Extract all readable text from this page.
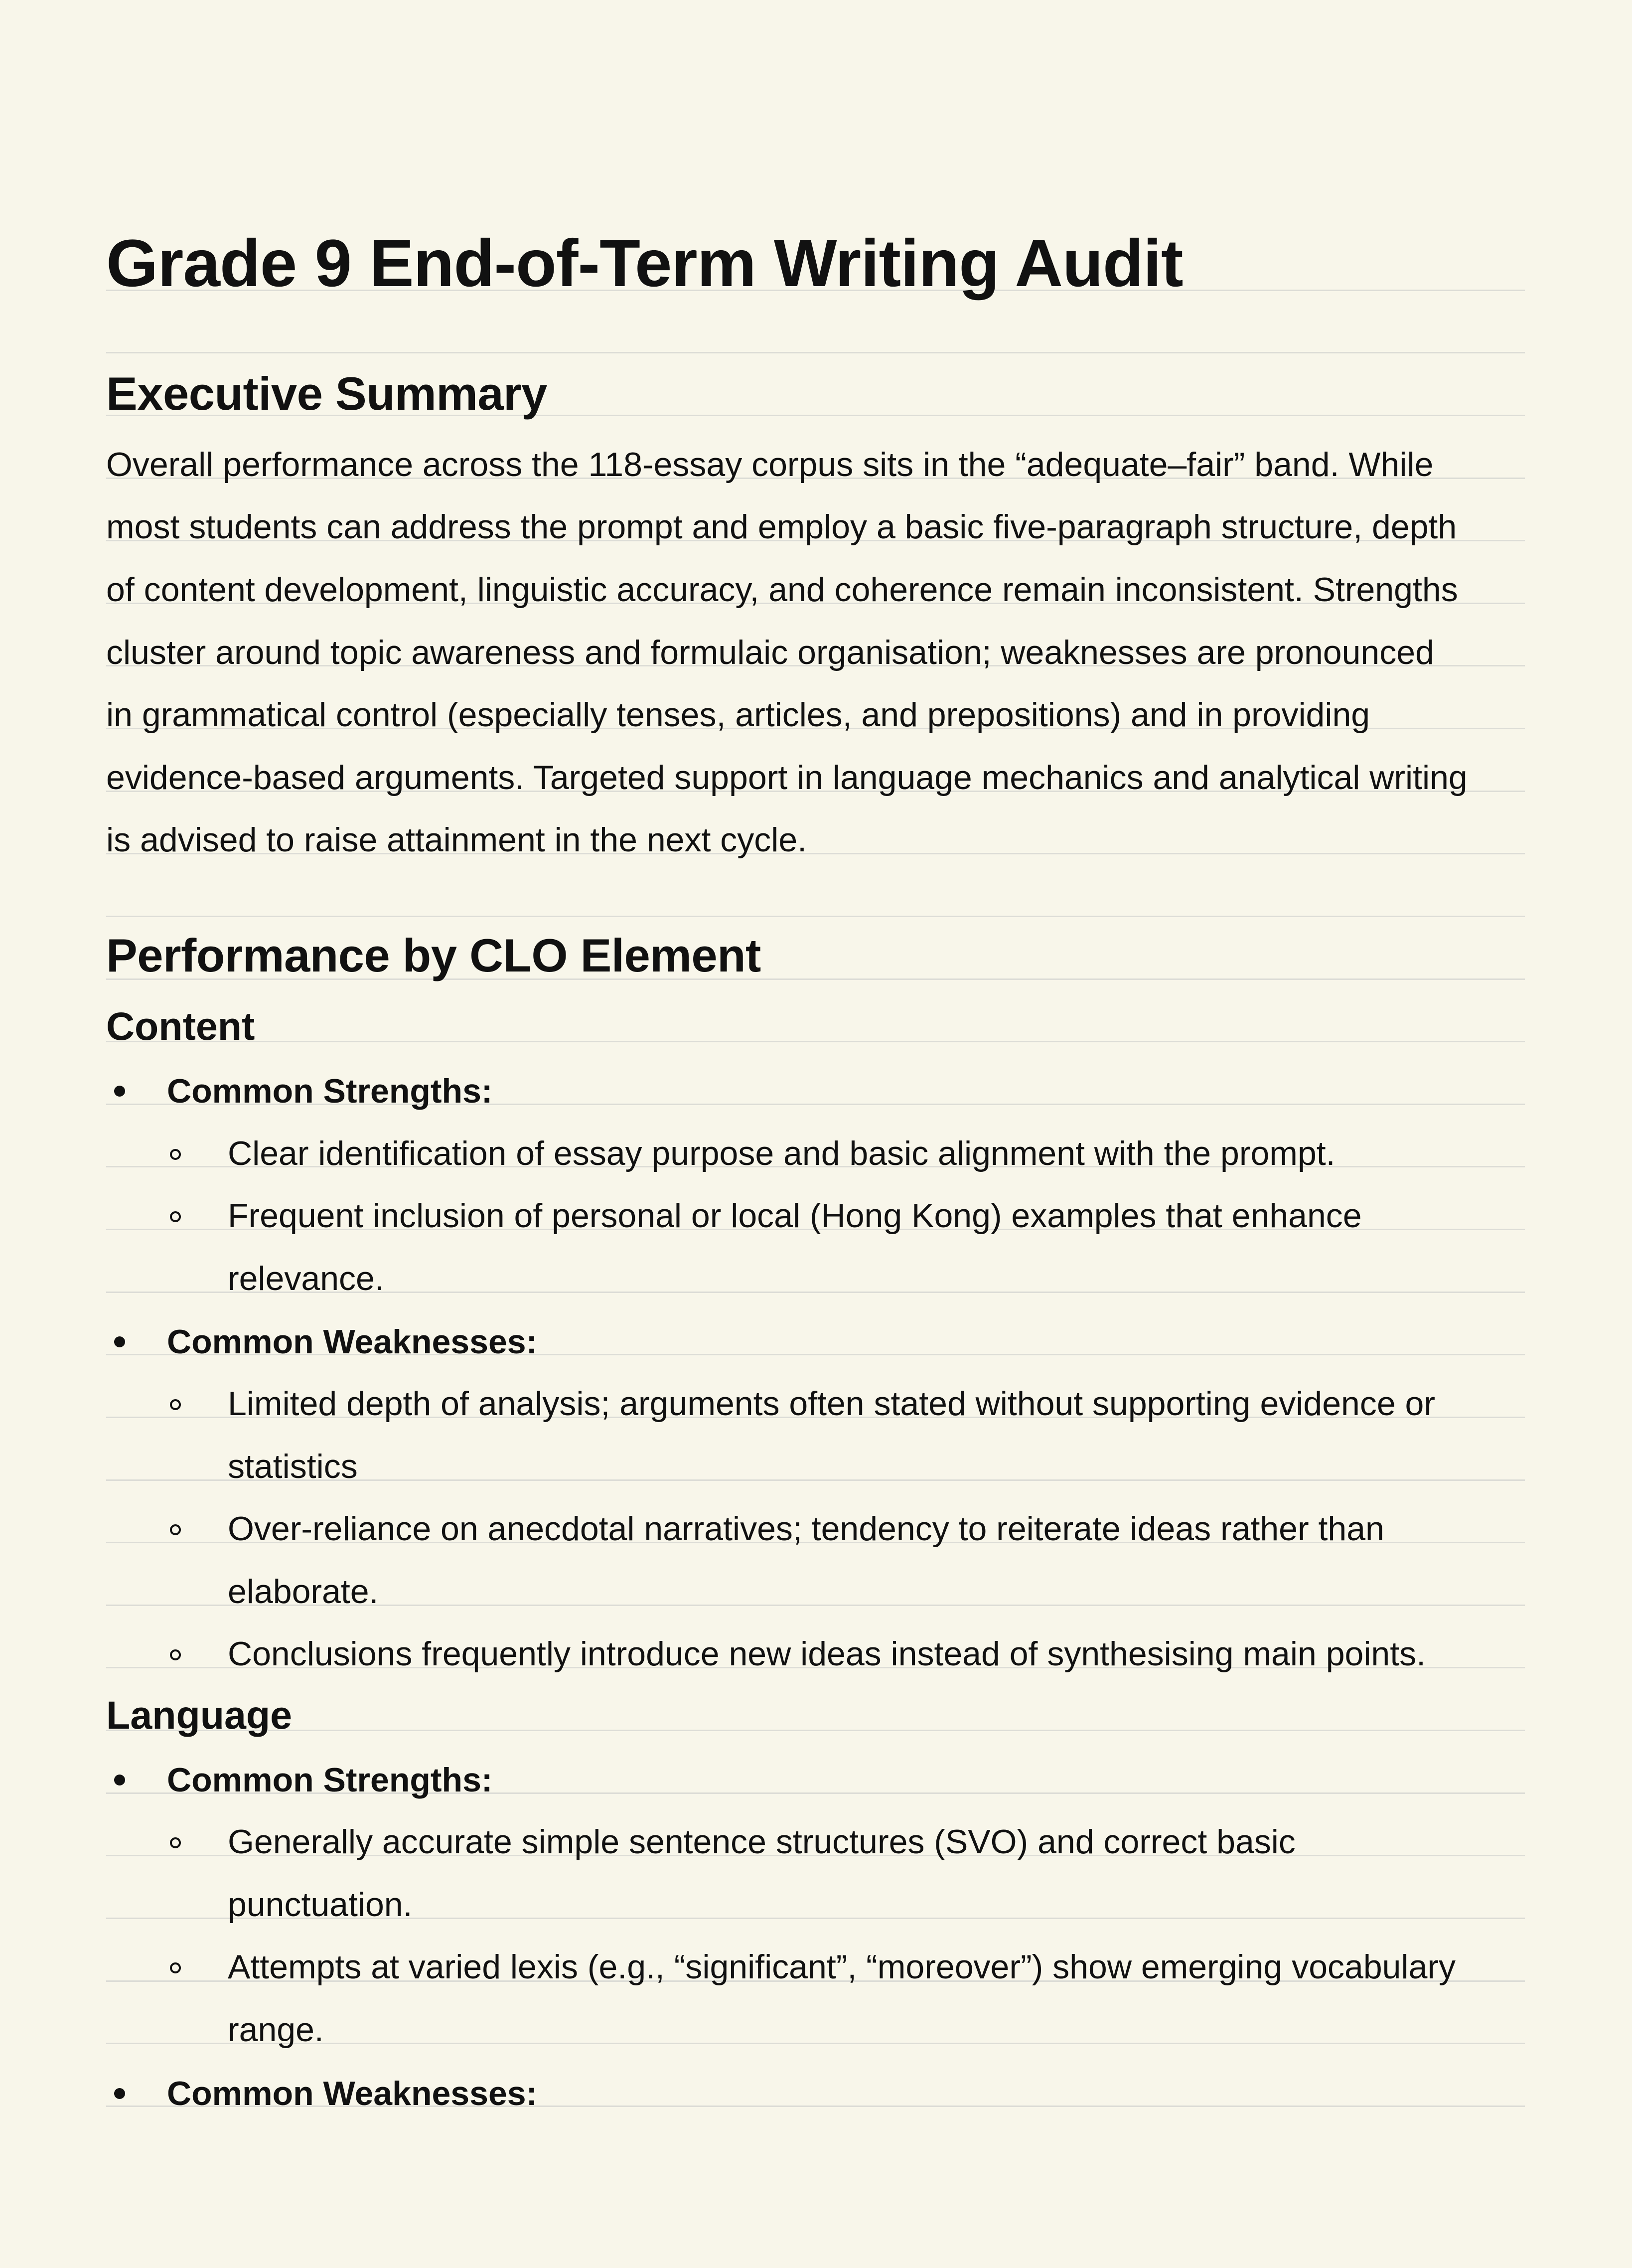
Grade 9 End-of-Term Writing Audit
Executive Summary
Overall performance across the 118-essay corpus sits in the “adequate–fair” band. While
most students can address the prompt and employ a basic five-paragraph structure, depth
of content development, linguistic accuracy, and coherence remain inconsistent. Strengths
cluster around topic awareness and formulaic organisation; weaknesses are pronounced
in grammatical control (especially tenses, articles, and prepositions) and in providing
evidence-based arguments. Targeted support in language mechanics and analytical writing
is advised to raise attainment in the next cycle.
Performance by CLO Element
Content
Common Strengths:
Clear identification of essay purpose and basic alignment with the prompt.
Frequent inclusion of personal or local (Hong Kong) examples that enhance
relevance.
Common Weaknesses:
Limited depth of analysis; arguments often stated without supporting evidence or
statistics
Over-reliance on anecdotal narratives; tendency to reiterate ideas rather than
elaborate.
Conclusions frequently introduce new ideas instead of synthesising main points.
Language
Common Strengths:
Generally accurate simple sentence structures (SVO) and correct basic
punctuation.
Attempts at varied lexis (e.g., “significant”, “moreover”) show emerging vocabulary
range.
Common Weaknesses:
